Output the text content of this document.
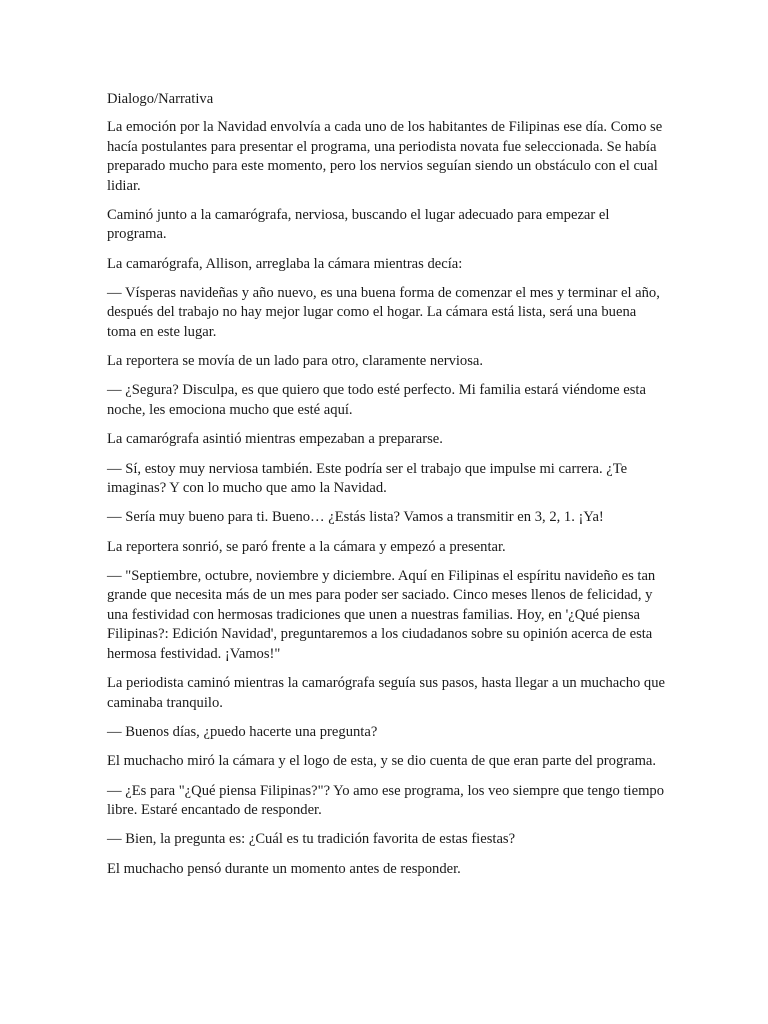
Dialogo/Narrativa

La emoción por la Navidad envolvía a cada uno de los habitantes de Filipinas ese día. Como se hacía postulantes para presentar el programa, una periodista novata fue seleccionada. Se había preparado mucho para este momento, pero los nervios seguían siendo un obstáculo con el cual lidiar.

Caminó junto a la camarógrafa, nerviosa, buscando el lugar adecuado para empezar el programa.

La camarógrafa, Allison, arreglaba la cámara mientras decía:

— Vísperas navideñas y año nuevo, es una buena forma de comenzar el mes y terminar el año, después del trabajo no hay mejor lugar como el hogar. La cámara está lista, será una buena toma en este lugar.

La reportera se movía de un lado para otro, claramente nerviosa.

— ¿Segura? Disculpa, es que quiero que todo esté perfecto. Mi familia estará viéndome esta noche, les emociona mucho que esté aquí.

La camarógrafa asintió mientras empezaban a prepararse.

— Sí, estoy muy nerviosa también. Este podría ser el trabajo que impulse mi carrera. ¿Te imaginas? Y con lo mucho que amo la Navidad.

— Sería muy bueno para ti. Bueno… ¿Estás lista? Vamos a transmitir en 3, 2, 1. ¡Ya!

La reportera sonrió, se paró frente a la cámara y empezó a presentar.

— "Septiembre, octubre, noviembre y diciembre. Aquí en Filipinas el espíritu navideño es tan grande que necesita más de un mes para poder ser saciado. Cinco meses llenos de felicidad, y una festividad con hermosas tradiciones que unen a nuestras familias. Hoy, en '¿Qué piensa Filipinas?: Edición Navidad', preguntaremos a los ciudadanos sobre su opinión acerca de esta hermosa festividad. ¡Vamos!"

La periodista caminó mientras la camarógrafa seguía sus pasos, hasta llegar a un muchacho que caminaba tranquilo.

— Buenos días, ¿puedo hacerte una pregunta?

El muchacho miró la cámara y el logo de esta, y se dio cuenta de que eran parte del programa.

— ¿Es para "¿Qué piensa Filipinas?"? Yo amo ese programa, los veo siempre que tengo tiempo libre. Estaré encantado de responder.

— Bien, la pregunta es: ¿Cuál es tu tradición favorita de estas fiestas?

El muchacho pensó durante un momento antes de responder.
